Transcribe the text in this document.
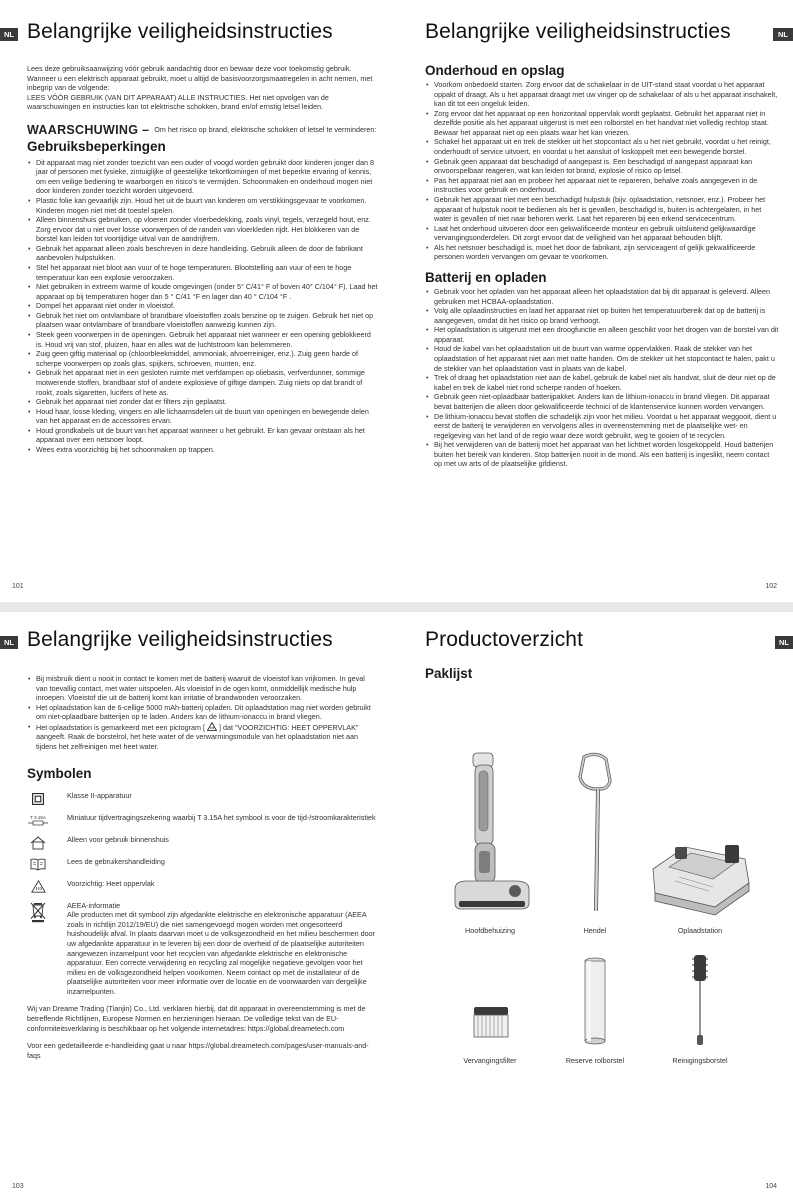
NL Belangrijke veiligheidsinstructies

Lees deze gebruiksaanwijzing vóór gebruik aandachtig door en bewaar deze voor toekomstig gebruik.

Wanneer u een elektrisch apparaat gebruikt, moet u altijd de basisvoorzorgsmaatregelen in acht nemen, met inbegrip van de volgende:

LEES VÓÓR GEBRUIK (VAN DIT APPARAAT) ALLE INSTRUCTIES. Het niet opvolgen van de waarschuwingen en instructies kan tot elektrische schokken, brand en/of ernstig letsel leiden.

WAARSCHUWING – Om het risico op brand, elektrische schokken of letsel te verminderen:
Gebruiksbeperkingen
• Dit apparaat mag niet zonder toezicht van een ouder of voogd worden gebruikt door kinderen jonger dan 8 jaar of personen met fysieke, zintuiglijke of geestelijke tekortkomingen of met beperkte ervaring of kennis, om een veilige bediening te waarborgen en risico's te vermijden. Schoonmaken en onderhoud mogen niet door kinderen zonder toezicht worden uitgevoerd.
• Plastic folie kan gevaarlijk zijn. Houd het uit de buurt van kinderen om verstikkingsgevaar te voorkomen. Kinderen mogen niet met dit toestel spelen.
• Alleen binnenshuis gebruiken, op vloeren zonder vloerbedekking, zoals vinyl, tegels, verzegeld hout, enz. Zorg ervoor dat u niet over losse voorwerpen of de randen van vloerkleden rijdt. Het blokkeren van de borstel kan leiden tot voortijdige uitval van de aandrijfrem.
• Gebruik het apparaat alleen zoals beschreven in deze handleiding. Gebruik alleen de door de fabrikant aanbevolen hulpstukken.
• Stel het apparaat niet bloot aan vuur of te hoge temperaturen. Blootstelling aan vuur of een te hoge temperatuur kan een explosie veroorzaken.
• Niet gebruiken in extreem warme of koude omgevingen (onder 5° C/41° F of boven 40° C/104° F). Laad het apparaat op bij temperaturen hoger dan 5 ° C/41 °F en lager dan 40 ° C/104 °F .
• Dompel het apparaat niet onder in vloeistof.
• Gebruik het niet om ontvlambare of brandbare vloeistoffen zoals benzine op te zuigen. Gebruik het niet op plaatsen waar ontvlambare of brandbare vloeistoffen aanwezig kunnen zijn.
• Steek geen voorwerpen in de openingen. Gebruik het apparaat niet wanneer er een opening geblokkeerd is. Houd vrij van stof, pluizen, haar en alles wat de luchtstroom kan belemmeren.
• Zuig geen giftig materiaal op (chloorbleekmiddel, ammoniak, afvoerreiniger, enz.). Zuig geen harde of scherpe voorwerpen op zoals glas, spijkers, schroeven, munten, enz.
• Gebruik het apparaat niet in een gesloten ruimte met verfdampen op oliebasis, verfverdunner, sommige motwerende stoffen, brandbaar stof of andere explosieve of giftige dampen. Zuig niets op dat brandt of rookt, zoals sigaretten, lucifers of hete as.
• Gebruik het apparaat niet zonder dat er filters zijn geplaatst.
• Houd haar, losse kleding, vingers en alle lichaamsdelen uit de buurt van openingen en bewegende delen van het apparaat en de accessoires ervan.
• Houd grondkabels uit de buurt van het apparaat wanneer u het gebruikt. Er kan gevaar ontstaan als het apparaat over een netsnoer loopt.
• Wees extra voorzichtig bij het schoonmaken op trappen.
101
NL
Belangrijke veiligheidsinstructies
Onderhoud en opslag
• Voorkom onbedoeld starten. Zorg ervoor dat de schakelaar in de UIT-stand staat voordat u het apparaat oppakt of draagt. Als u het apparaat draagt met uw vinger op de schakelaar of als u het apparaat inschakelt, kan dit tot een ongeluk leiden.
• Zorg ervoor dat het apparaat op een horizontaal oppervlak wordt geplaatst. Gebruikt het apparaat niet in dezelfde positie als het apparaat uitgerust is met een rolborstel en het handvat niet volledig rechtop staat. Bewaar het apparaat niet op een plaats waar het kan vriezen.
• Schakel het apparaat uit en trek de stekker uit het stopcontact als u het niet gebruikt, voordat u het reinigt, onderhoudt of service uitvoert, en voordat u het aansluit of loskoppelt met een bewegende borstel.
• Gebruik geen apparaat dat beschadigd of aangepast is. Een beschadigd of aangepast apparaat kan onvoorspelbaar reageren, wat kan leiden tot brand, explosie of risico op letsel.
• Pas het apparaat niet aan en probeer het apparaat niet te repareren, behalve zoals aangegeven in de instructies voor gebruik en onderhoud.
• Gebruik het apparaat niet met een beschadigd hulpstuk (bijv. oplaadstation, netsnoer, enz.). Probeer het apparaat of hulpstuk nooit te bedienen als het is gevallen, beschadigd is, buiten is achtergelaten, in het water is gevallen of niet naar behoren werkt. Laat het repareren bij een erkend servicecentrum.
• Laat het onderhoud uitvoeren door een gekwalificeerde monteur en gebruik uitsluitend gelijkwaardige vervangingsonderdelen. Dit zorgt ervoor dat de veiligheid van het apparaat behouden blijft.
• Als het netsnoer beschadigd is, moet het door de fabrikant, zijn serviceagent of gelijk gekwalificeerde personen worden vervangen om gevaar te voorkomen.
Batterij en opladen
• Gebruik voor het opladen van het apparaat alleen het oplaadstation dat bij dit apparaat is geleverd. Alleen gebruiken met HCBAA-oplaadstation.
• Volg alle oplaadinstructies en laad het apparaat niet op buiten het temperatuurbereik dat op de batterij is aangegeven, omdat dit het risico op brand verhoogt.
• Het oplaadstation is uitgerust met een droogfunctie en alleen geschikt voor het drogen van de borstel van dit apparaat.
• Houd de kabel van het oplaadstation uit de buurt van warme oppervlakken. Raak de stekker van het oplaadstation of het apparaat niet aan met natte handen. Om de stekker uit het stopcontact te halen, pakt u de stekker van het oplaadstation vast in plaats van de kabel.
• Trek of draag het oplaadstation niet aan de kabel, gebruik de kabel niet als handvat, sluit de deur niet op de kabel en trek de kabel niet rond scherpe randen of hoeken.
• Gebruik geen niet-oplaadbaar batterijpakket. Anders kan de lithium-ionaccu in brand vliegen. Dit apparaat bevat batterijen die alleen door gekwalificeerde technici of de klantenservice kunnen worden vervangen.
• De lithium-ionaccu bevat stoffen die schadelijk zijn voor het milieu. Voordat u het apparaat weggooit, dient u eerst de batterij te verwijderen en vervolgens alles in overeenstemming met de plaatselijke wet- en regelgeving van het land of de regio waar deze wordt gebruikt, weg te gooien of te recyclen.
• Bij het verwijderen van de batterij moet het apparaat van het lichtnet worden losgekoppeld. Houd batterijen buiten het bereik van kinderen. Stop batterijen nooit in de mond. Als een batterij is ingeslikt, neem contact op met uw arts of de plaatselijke gifdienst.
102
NL Belangrijke veiligheidsinstructies
• Bij misbruik dient u nooit in contact te komen met de batterij waaruit de vloeistof kan vrijkomen. In geval van toevallig contact, met water uitspoelen. Als vloeistof in de ogen komt, onmiddellijk medische hulp inroepen. Vloeistof die uit de batterij komt kan irritatie of brandwonden veroorzaken.
• Het oplaadstation kan de 6-cellige 5000 mAh-batterij opladen. Dit oplaadstation mag niet worden gebruikt om niet-oplaadbare batterijen op te laden. Anders kan de lithium-ionaccu in brand vliegen.
• Het oplaadstation is gemarkeerd met een pictogram [ ] dat "VOORZICHTIG: HEET OPPERVLAK" aangeeft. Raak de borstelrol, het hete water of de verwarmingsmodule van het oplaadstation niet aan tijdens het zelfreinigen met heet water.
Symbolen
Klasse II-apparatuur
T 3.15A	Miniatuur tijdvertragingszekering waarbij T 3.15A het symbool is voor de tijd-/stroomkarakteristiek
Alleen voor gebruik binnenshuis
Lees de gebruikershandleiding
Voorzichtig: Heet oppervlak
AEEA-informatie
Alle producten met dit symbool zijn afgedankte elektrische en elektronische apparatuur (AEEA zoals in richtlijn 2012/19/EU) die niet samengevoegd mogen worden met ongesorteerd huishoudelijk afval. In plaats daarvan moet u de volksgezondheid en het milieu beschermen door uw afgedankte apparatuur in te leveren bij een door de overheid of de plaatselijke autoriteiten aangewezen inzamelpunt voor het recyclen van afgedankte elektrische en elektronische apparatuur. Een correcte verwijdering en recycling zal mogelijke negatieve gevolgen voor het milieu en de volksgezondheid helpen voorkomen. Neem contact op met de installateur of de plaatselijke autoriteiten voor meer informatie over de locatie en de voorwaarden van dergelijke inzamelpunten.

Wij van Dreame Trading (Tianjin) Co., Ltd. verklaren hierbij, dat dit apparaat in overeenstemming is met de betreffende Richtlijnen, Europese Normen en herzieningen hieraan. De volledige tekst van de EU-conformiteitsverklaring is beschikbaar op het volgende internetadres: https://global.dreametech.com

Voor een gedetailleerde e-handleiding gaat u naar https://global.dreametech.com/pages/user-manuals-and-faqs

103
NL
Productoverzicht
Paklijst
Hoofdbehuizing	Hendel	Oplaadstation
Vervangingsfilter	Reserve rolborstel	Reinigingsborstel
104
